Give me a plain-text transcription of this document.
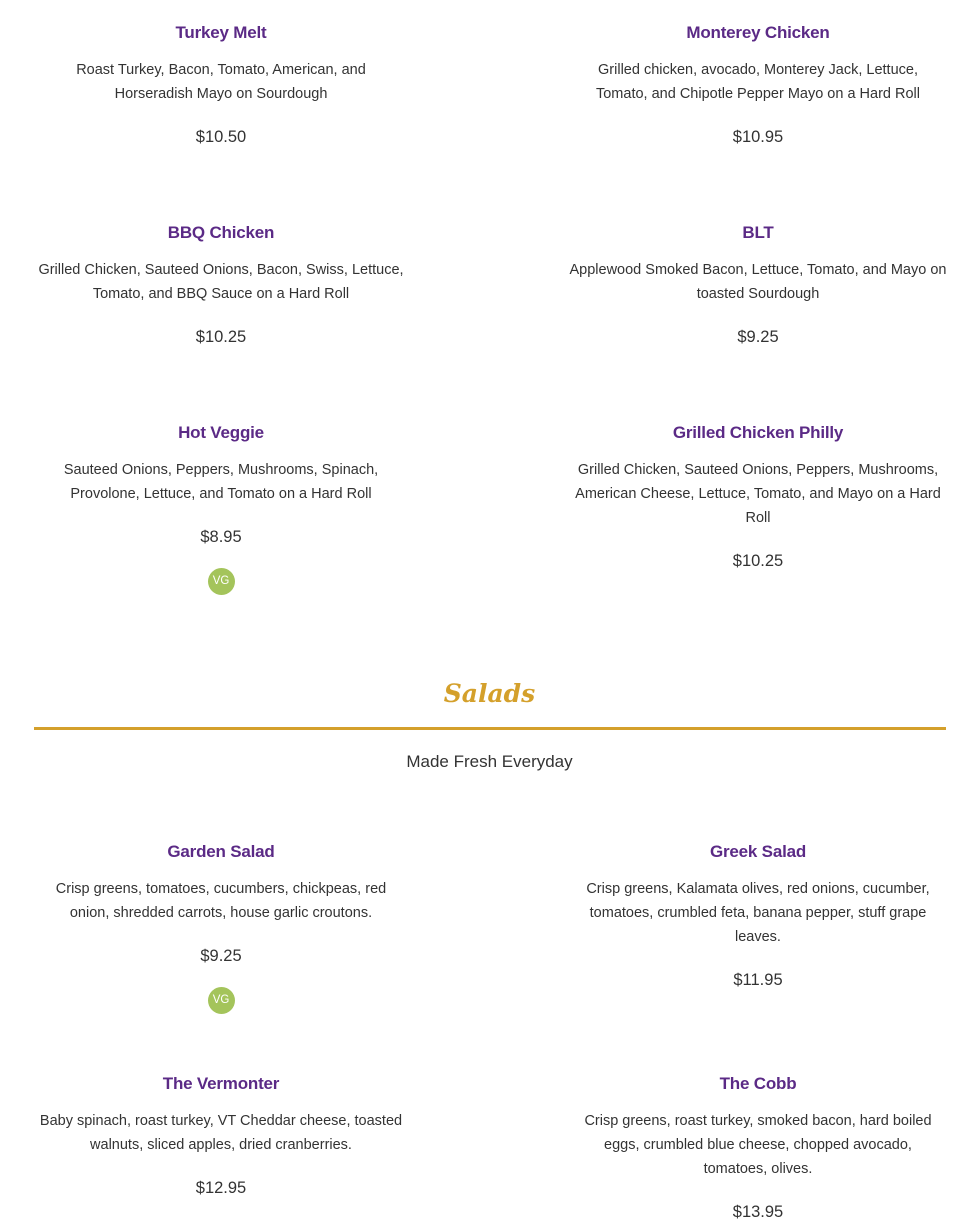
Turkey Melt
Roast Turkey, Bacon, Tomato, American, and Horseradish Mayo on Sourdough
$10.50
Monterey Chicken
Grilled chicken, avocado, Monterey Jack, Lettuce, Tomato, and Chipotle Pepper Mayo on a Hard Roll
$10.95
BBQ Chicken
Grilled Chicken, Sauteed Onions, Bacon, Swiss, Lettuce, Tomato, and BBQ Sauce on a Hard Roll
$10.25
BLT
Applewood Smoked Bacon, Lettuce, Tomato, and Mayo on toasted Sourdough
$9.25
Hot Veggie
Sauteed Onions, Peppers, Mushrooms, Spinach, Provolone, Lettuce, and Tomato on a Hard Roll
$8.95
VG
Grilled Chicken Philly
Grilled Chicken, Sauteed Onions, Peppers, Mushrooms, American Cheese, Lettuce, Tomato, and Mayo on a Hard Roll
$10.25
Salads
Made Fresh Everyday
Garden Salad
Crisp greens, tomatoes, cucumbers, chickpeas, red onion, shredded carrots, house garlic croutons.
$9.25
VG
Greek Salad
Crisp greens, Kalamata olives, red onions, cucumber, tomatoes, crumbled feta, banana pepper, stuff grape leaves.
$11.95
The Vermonter
Baby spinach, roast turkey, VT Cheddar cheese, toasted walnuts, sliced apples, dried cranberries.
$12.95
The Cobb
Crisp greens, roast turkey, smoked bacon, hard boiled eggs, crumbled blue cheese, chopped avocado, tomatoes, olives.
$13.95
